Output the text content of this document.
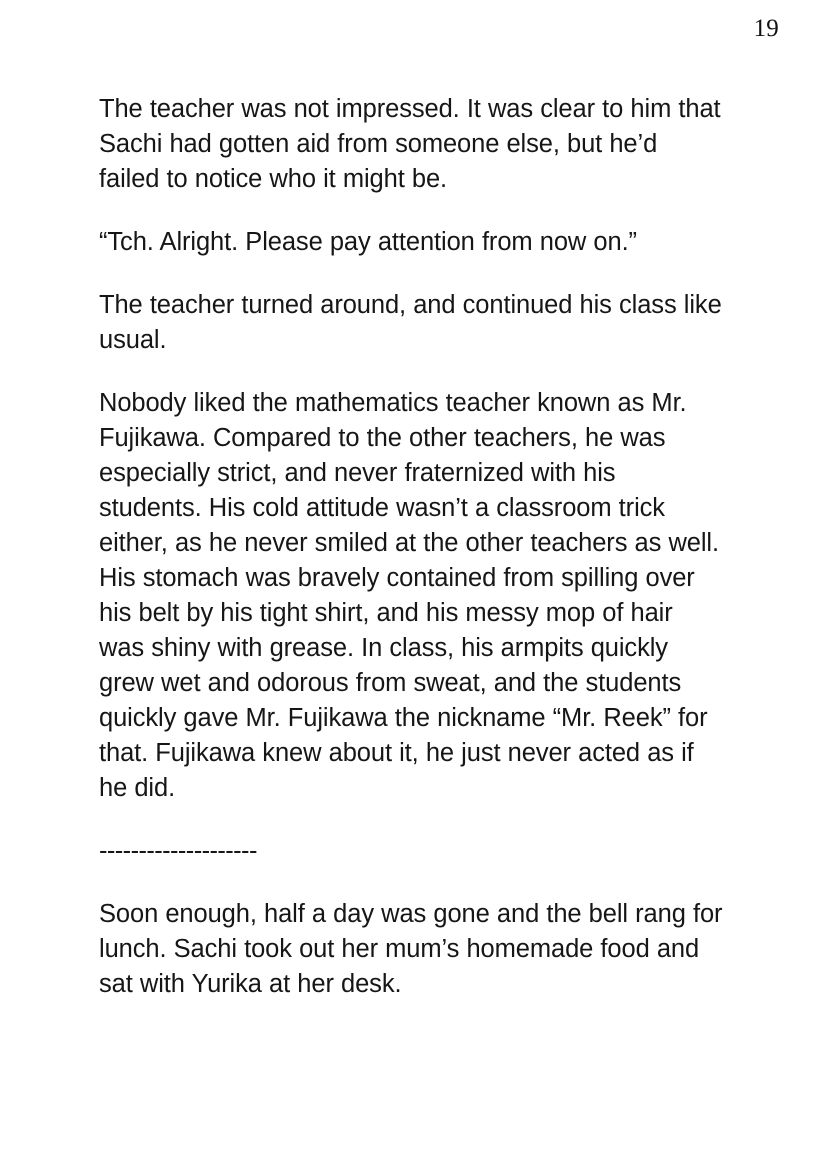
19

The teacher was not impressed. It was clear to him that Sachi had gotten aid from someone else, but he’d failed to notice who it might be.

“Tch. Alright. Please pay attention from now on.”

The teacher turned around, and continued his class like usual.

Nobody liked the mathematics teacher known as Mr. Fujikawa. Compared to the other teachers, he was especially strict, and never fraternized with his students. His cold attitude wasn’t a classroom trick either, as he never smiled at the other teachers as well. His stomach was bravely contained from spilling over his belt by his tight shirt, and his messy mop of hair was shiny with grease. In class, his armpits quickly grew wet and odorous from sweat, and the students quickly gave Mr. Fujikawa the nickname “Mr. Reek” for that. Fujikawa knew about it, he just never acted as if he did.

--------------------

Soon enough, half a day was gone and the bell rang for lunch. Sachi took out her mum’s homemade food and sat with Yurika at her desk.
